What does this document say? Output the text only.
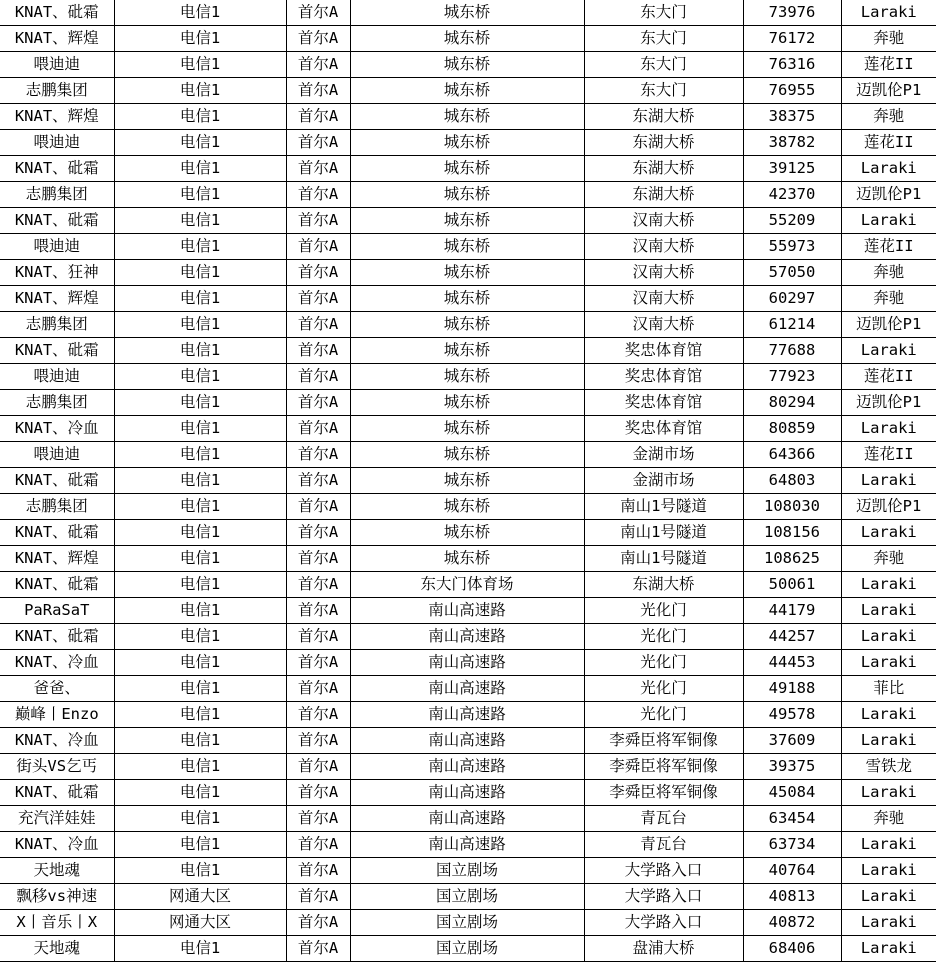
KNAT、砒霜	电信1	首尔A	城东桥	东大门	73976	Laraki
KNAT、辉煌	电信1	首尔A	城东桥	东大门	76172	奔驰
喂迪迪	电信1	首尔A	城东桥	东大门	76316	莲花II
志鹏集团	电信1	首尔A	城东桥	东大门	76955	迈凯伦P1
KNAT、辉煌	电信1	首尔A	城东桥	东湖大桥	38375	奔驰
喂迪迪	电信1	首尔A	城东桥	东湖大桥	38782	莲花II
KNAT、砒霜	电信1	首尔A	城东桥	东湖大桥	39125	Laraki
志鹏集团	电信1	首尔A	城东桥	东湖大桥	42370	迈凯伦P1
KNAT、砒霜	电信1	首尔A	城东桥	汉南大桥	55209	Laraki
喂迪迪	电信1	首尔A	城东桥	汉南大桥	55973	莲花II
KNAT、狂神	电信1	首尔A	城东桥	汉南大桥	57050	奔驰
KNAT、辉煌	电信1	首尔A	城东桥	汉南大桥	60297	奔驰
志鹏集团	电信1	首尔A	城东桥	汉南大桥	61214	迈凯伦P1
KNAT、砒霜	电信1	首尔A	城东桥	奖忠体育馆	77688	Laraki
喂迪迪	电信1	首尔A	城东桥	奖忠体育馆	77923	莲花II
志鹏集团	电信1	首尔A	城东桥	奖忠体育馆	80294	迈凯伦P1
KNAT、冷血	电信1	首尔A	城东桥	奖忠体育馆	80859	Laraki
喂迪迪	电信1	首尔A	城东桥	金湖市场	64366	莲花II
KNAT、砒霜	电信1	首尔A	城东桥	金湖市场	64803	Laraki
志鹏集团	电信1	首尔A	城东桥	南山1号隧道	108030	迈凯伦P1
KNAT、砒霜	电信1	首尔A	城东桥	南山1号隧道	108156	Laraki
KNAT、辉煌	电信1	首尔A	城东桥	南山1号隧道	108625	奔驰
KNAT、砒霜	电信1	首尔A	东大门体育场	东湖大桥	50061	Laraki
PaRaSaT	电信1	首尔A	南山高速路	光化门	44179	Laraki
KNAT、砒霜	电信1	首尔A	南山高速路	光化门	44257	Laraki
KNAT、冷血	电信1	首尔A	南山高速路	光化门	44453	Laraki
爸爸、	电信1	首尔A	南山高速路	光化门	49188	菲比
巅峰丨Enzo	电信1	首尔A	南山高速路	光化门	49578	Laraki
KNAT、冷血	电信1	首尔A	南山高速路	李舜臣将军铜像	37609	Laraki
街头VS乞丐	电信1	首尔A	南山高速路	李舜臣将军铜像	39375	雪铁龙
KNAT、砒霜	电信1	首尔A	南山高速路	李舜臣将军铜像	45084	Laraki
充汽洋娃娃	电信1	首尔A	南山高速路	青瓦台	63454	奔驰
KNAT、冷血	电信1	首尔A	南山高速路	青瓦台	63734	Laraki
天地魂	电信1	首尔A	国立剧场	大学路入口	40764	Laraki
飘移vs神速	网通大区	首尔A	国立剧场	大学路入口	40813	Laraki
X丨音乐丨X	网通大区	首尔A	国立剧场	大学路入口	40872	Laraki
天地魂	电信1	首尔A	国立剧场	盘浦大桥	68406	Laraki
